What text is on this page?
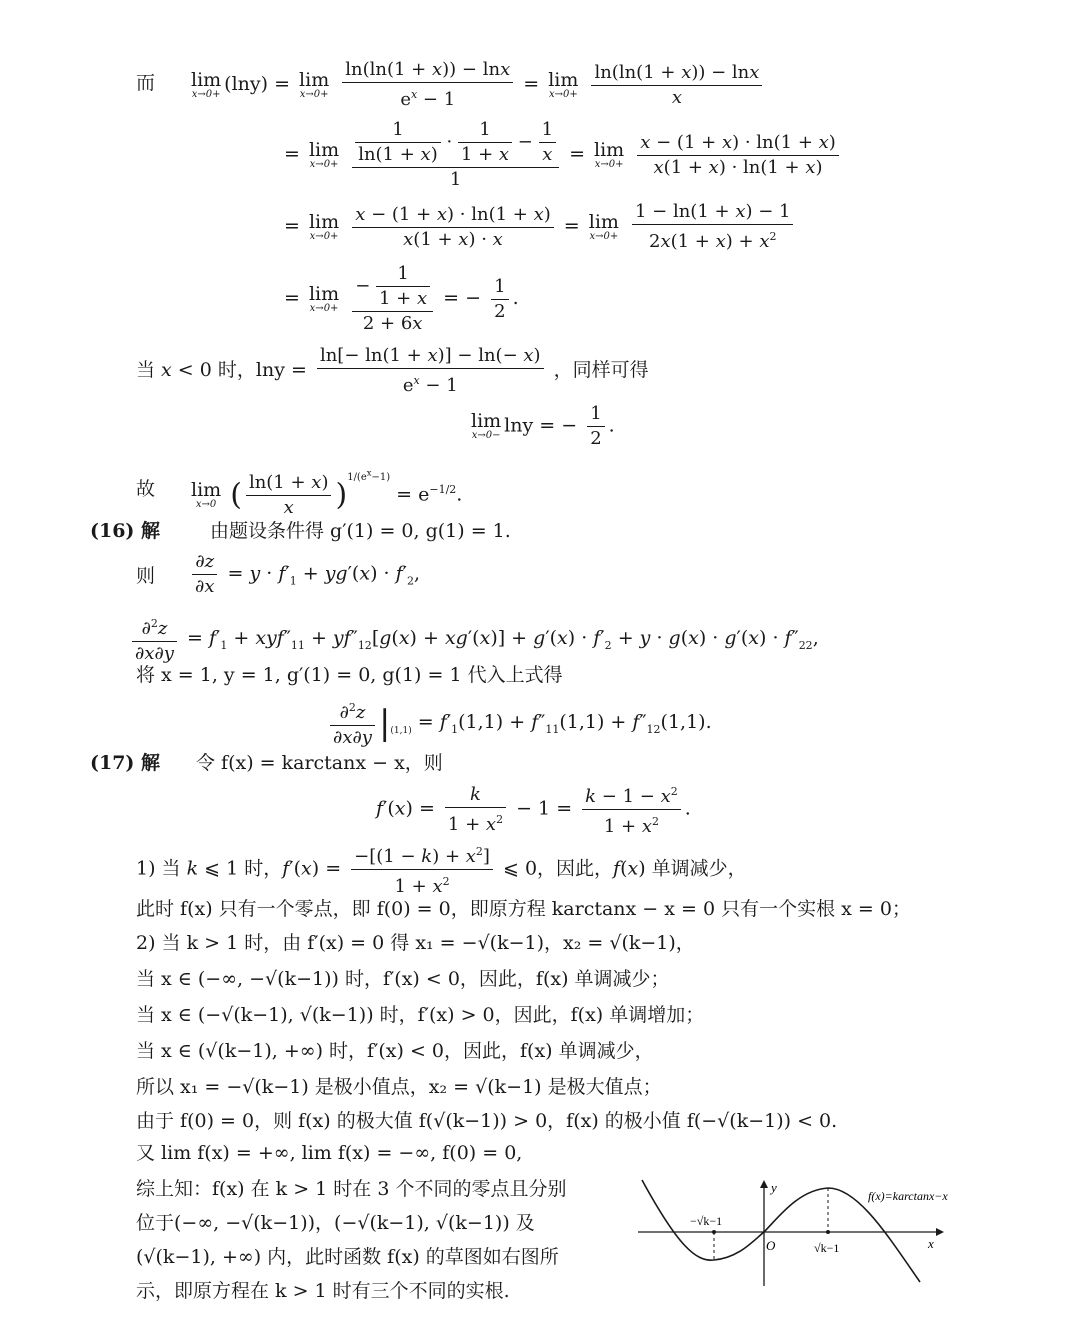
而 lim
x→0+ (lny) = lim
x→0+
$\frac{\ln(\ln(1 + x)) - \ln x}{e^x - 1} = \lim$
x→0+
$\frac{\ln(\ln(1 + x)) - \ln x}{x}$
= lim
x→0+
$\frac{\frac{1}{\ln(1 + x)} \cdot \frac{1}{1 + x} - \frac{1}{x}}{1} = \lim$
x→0+
$\frac{x - (1 + x) \cdot \ln(1 + x)}{x(1 + x) \cdot \ln(1 + x)}$
= lim
x→0+
$\frac{x - (1 + x) \cdot \ln(1 + x)}{x(1 + x) \cdot x} = \lim$
x→0+
$\frac{1 - \ln(1 + x) - 1}{2x(1 + x) + x^2}$
= lim
x→0+
$\frac{- \frac{1}{1 + x}}{2 + 6x}$ = − $\frac{1}{2}$ .
当 x < 0 时，$\ln y = \frac{\ln[- \ln(1 + x)] - \ln(- x)}{e^x - 1}$ ，同样可得
lim
x→0− lny = − $\frac{1}{2}$ .
故 lim
x→0 ( $\frac{\ln(1 + x)}{x} )^{1/(e^x-1)} = e^{-1/2}$.
(16) 解	由题设条件得 g′(1) = 0, g(1) = 1.
则 $\frac{\partial z}{\partial x} = y \cdot f'_1 + yg'(x) \cdot f'_2$,
$\frac{\partial^2z}{\partial x\partial y} = f'_1 + xyf''_{11} + yf''_{12}[g(x) + xg'(x)] + g'(x) \cdot f'_2 + y \cdot g(x) \cdot g'(x) \cdot f''_{22}$,
将 x = 1, y = 1, g′(1) = 0, g(1) = 1 代入上式得
$\frac{\partial^2z}{\partial x\partial y} |_{(1,1)} = f'_1(1,1) + f''_{11}(1,1) + f''_{12}(1,1)$.
(17) 解 令 f(x) = karctanx − x，则
$f'(x) = \frac{k}{1 + x^2} - 1 = \frac{k - 1 - x^2}{1 + x^2}$ .
1) 当 k ⩽ 1 时，$f'(x) = \frac{-[(1 - k) + x^2]}{1 + x^2}$ ⩽ 0，因此，f(x) 单调减少，
此时 f(x) 只有一个零点，即 f(0) = 0，即原方程 karctanx − x = 0 只有一个实根 x = 0；
2) 当 k > 1 时，由 f′(x) = 0 得 x₁ = −√(k−1)，x₂ = √(k−1)，
当 x ∈ (−∞, −√(k−1)) 时，f′(x) < 0，因此，f(x) 单调减少；
当 x ∈ (−√(k−1), √(k−1)) 时，f′(x) > 0，因此，f(x) 单调增加；
当 x ∈ (√(k−1), +∞) 时，f′(x) < 0，因此，f(x) 单调减少，
所以 x₁ = −√(k−1) 是极小值点，x₂ = √(k−1) 是极大值点；
由于 f(0) = 0，则 f(x) 的极大值 f(√(k−1)) > 0，f(x) 的极小值 f(−√(k−1)) < 0.
又 lim f(x) = +∞, lim f(x) = −∞, f(0) = 0,
综上知：f(x) 在 k > 1 时在 3 个不同的零点且分别
位于(−∞, −√(k−1))，(−√(k−1), √(k−1)) 及
(√(k−1), +∞) 内，此时函数 f(x) 的草图如右图所
示，即原方程在 k > 1 时有三个不同的实根.
y
x
O
−√k−1
√k−1
f(x)=karctanx−x
